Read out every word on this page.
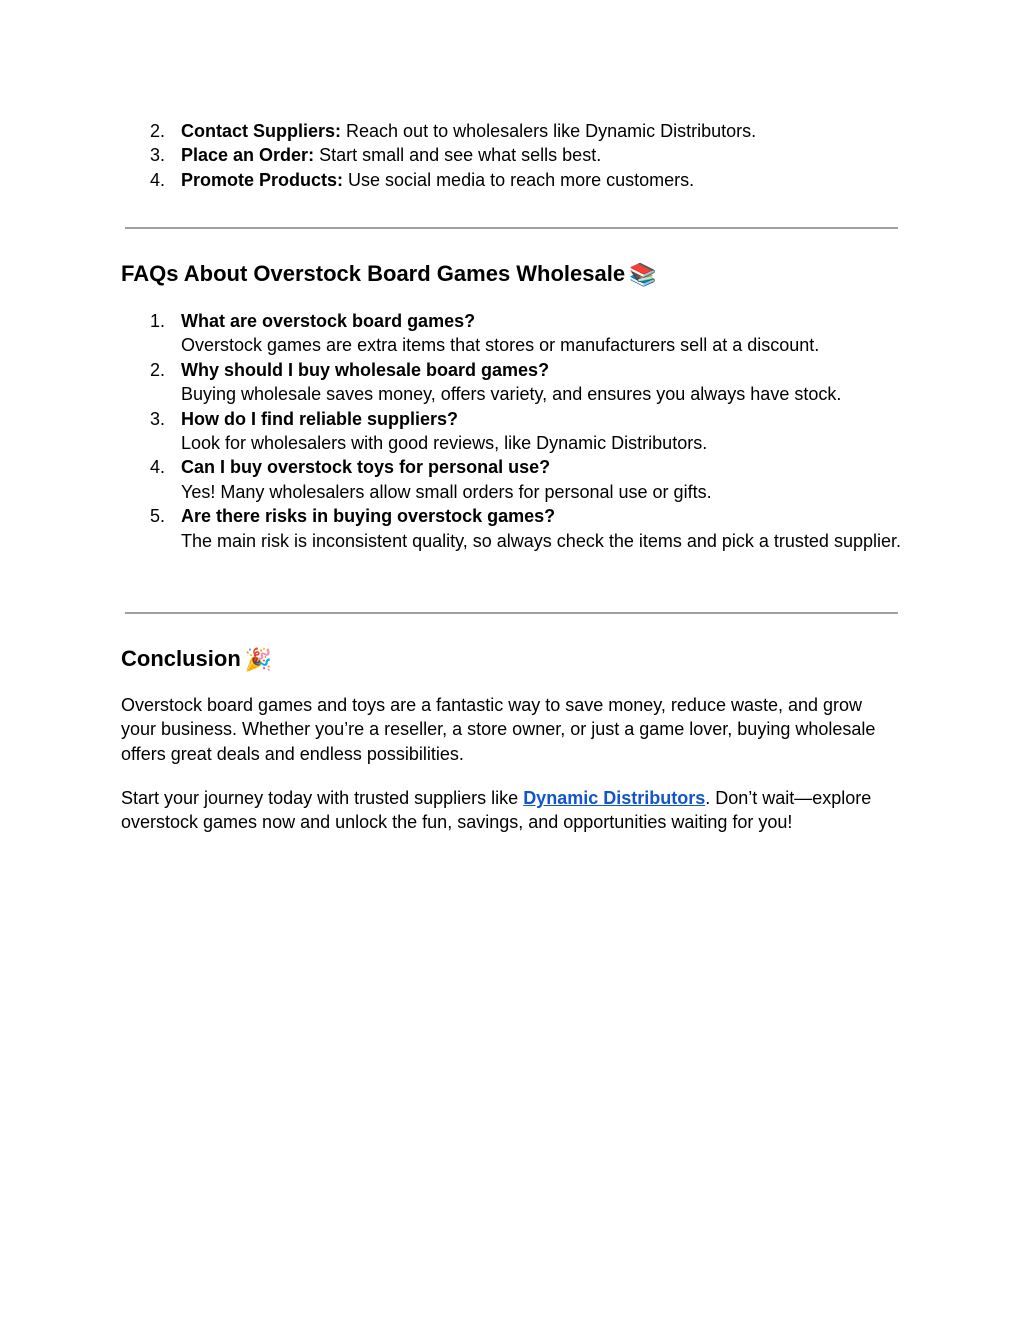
2. Contact Suppliers: Reach out to wholesalers like Dynamic Distributors.
3. Place an Order: Start small and see what sells best.
4. Promote Products: Use social media to reach more customers.
FAQs About Overstock Board Games Wholesale 📚
1. What are overstock board games?
Overstock games are extra items that stores or manufacturers sell at a discount.
2. Why should I buy wholesale board games?
Buying wholesale saves money, offers variety, and ensures you always have stock.
3. How do I find reliable suppliers?
Look for wholesalers with good reviews, like Dynamic Distributors.
4. Can I buy overstock toys for personal use?
Yes! Many wholesalers allow small orders for personal use or gifts.
5. Are there risks in buying overstock games?
The main risk is inconsistent quality, so always check the items and pick a trusted supplier.
Conclusion 🎉

Overstock board games and toys are a fantastic way to save money, reduce waste, and grow your business. Whether you’re a reseller, a store owner, or just a game lover, buying wholesale offers great deals and endless possibilities.

Start your journey today with trusted suppliers like Dynamic Distributors. Don’t wait—explore overstock games now and unlock the fun, savings, and opportunities waiting for you!
